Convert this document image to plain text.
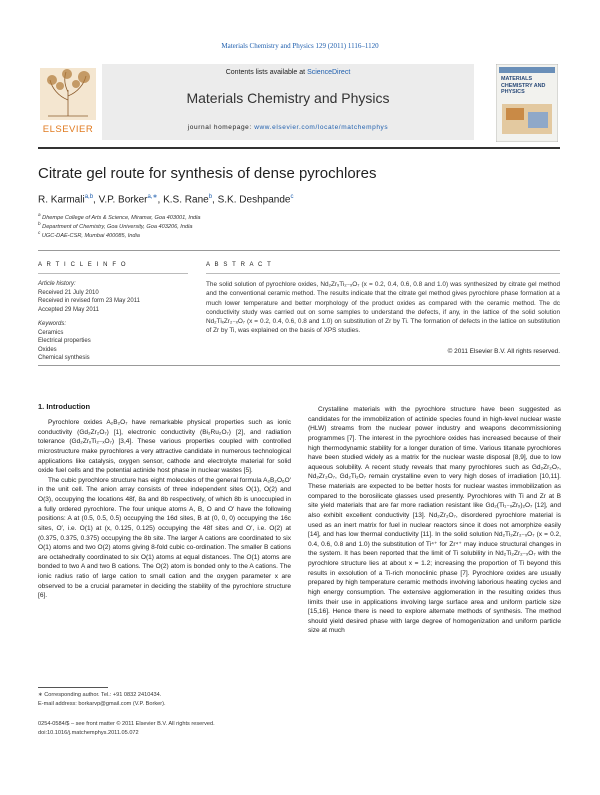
Materials Chemistry and Physics 129 (2011) 1116–1120
ELSEVIER
Contents lists available at ScienceDirect
Materials Chemistry and Physics
journal homepage: www.elsevier.com/locate/matchemphys
MATERIALS CHEMISTRY AND PHYSICS
Citrate gel route for synthesis of dense pyrochlores
R. Karmali$^{a,b}$, V.P. Borker$^{a,∗}$, K.S. Rane$^b$, S.K. Deshpande$^c$
$^a$ Dhempe College of Arts & Science, Miramar, Goa 403001, India
$^b$ Department of Chemistry, Goa University, Goa 403206, India
$^c$ UGC-DAE-CSR, Mumbai 400085, India
A R T I C L E I N F O	A B S T R A C T
Article history:
Received 21 July 2010
Received in revised form 23 May 2011
Accepted 29 May 2011
Keywords:
Ceramics
Electrical properties
Oxides
Chemical synthesis
The solid solution of pyrochlore oxides, Nd₂ZrₓTi₂₋ₓO₇ (x = 0.2, 0.4, 0.6, 0.8 and 1.0) was synthesized by citrate gel method and the conventional ceramic method. The results indicate that the citrate gel method gives pyrochlore phase formation at a much lower temperature and better morphology of the product oxides as compared with the ceramic method. The dc conductivity study was carried out on some samples to understand the defects, if any, in the lattice of the solid solution Nd₂TiₓZr₂₋ₓO₇ (x = 0.2, 0.4, 0.6, 0.8 and 1.0) on substitution of Zr by Ti. The formation of defects in the lattice on substitution of Zr by Ti, was explained on the basis of XPS studies.
© 2011 Elsevier B.V. All rights reserved.
1. Introduction

Pyrochlore oxides A₂B₂O₇ have remarkable physical properties such as ionic conductivity (Gd₂Zr₂O₇) [1], electronic conductivity (Bi₂Ru₂O₇) [2], and radiation tolerance (Gd₂ZrₓTi₂₋ₓO₇) [3,4]. These various properties coupled with controlled microstructure make pyrochlores a very attractive candidate in numerous technological applications like catalysis, oxygen sensor, cathode and electrolyte material for solid oxide fuel cells and the potential actinide host phase in nuclear wastes [5].

The cubic pyrochlore structure has eight molecules of the general formula A₂B₂O₆O′ in the unit cell. The anion array consists of three independent sites O(1), O(2) and O(3), occupying the locations 48f, 8a and 8b respectively, of which 8b is unoccupied in a fully ordered pyrochlore. The four unique atoms A, B, O and O′ have the following positions: A at (0.5, 0.5, 0.5) occupying the 16d sites, B at (0, 0, 0) occupying the 16c sites, O′, i.e. O(1) at (x, 0.125, 0.125) occupying the 48f sites and O′, i.e. O(2) at (0.375, 0.375, 0.375) occupying the 8b site. The larger A cations are coordinated to six O(1) atoms and two O(2) atoms giving 8-fold cubic co-ordination. The smaller B cations are octahedrally coordinated to six O(1) atoms at equal distances. The O(1) atoms are bonded to two A and two B cations. The O(2) atom is bonded only to the A cations. The ionic radius ratio of large cation to small cation and the oxygen parameter x are observed to be a crucial parameter in deciding the stability of the pyrochlore structure [6].

Crystalline materials with the pyrochlore structure have been suggested as candidates for the immobilization of actinide species found in high-level nuclear waste (HLW) streams from the nuclear power industry and weapons decommissioning programmes [7]. The interest in the pyrochlore oxides has increased because of their high thermodynamic stability for a longer duration of time. Various titanate pyrochlores have been studied widely as a matrix for the nuclear waste disposal [8,9], due to low aqueous solubility. A recent study reveals that many pyrochlores such as Gd₂Zr₂O₇, Nd₂Zr₂O₇, Gd₂Ti₂O₇ remain crystalline even to very high doses of irradiation [10,11]. These materials are expected to be better hosts for nuclear wastes immobilization as compared to the borosilicate glasses used presently. Pyrochlores with Ti and Zr at B site yield materials that are far more radiation resistant like Gd₂(Ti₁₋ₓZrₓ)₂O₇ [12], and also exhibit excellent conductivity [13]. Nd₂Zr₂O₇, disordered pyrochlore material is used as an inert matrix for fuel in nuclear reactors since it does not amorphize easily [14], and has low thermal conductivity [11]. In the solid solution Nd₂Ti₂Zr₂₋ₓO₇ (x = 0.2, 0.4, 0.6, 0.8 and 1.0) the substitution of Ti⁴⁺ for Zr⁴⁺ may induce structural changes in the system. It has been reported that the limit of Ti solubility in Nd₂Ti₂Zr₂₋ₓO₇ with the pyrochlore structure lies at about x = 1.2; increasing the proportion of Ti beyond this results in exsolution of a Ti-rich monoclinic phase [7]. Pyrochlore oxides are usually prepared by high temperature ceramic methods involving laborious heating cycles and high energy consumption. The extensive agglomeration in the resulting oxides thus limits their use in applications involving large surface area and uniform particle size [15,16]. Hence there is need to explore alternate methods of synthesis. The method should yield desired phase with large degree of homogenization and uniform particle size at much

∗ Corresponding author. Tel.: +91 0832 2410434.
E-mail address: borkarvp@gmail.com (V.P. Borker).
0254-0584/$ – see front matter © 2011 Elsevier B.V. All rights reserved.
doi:10.1016/j.matchemphys.2011.05.072
